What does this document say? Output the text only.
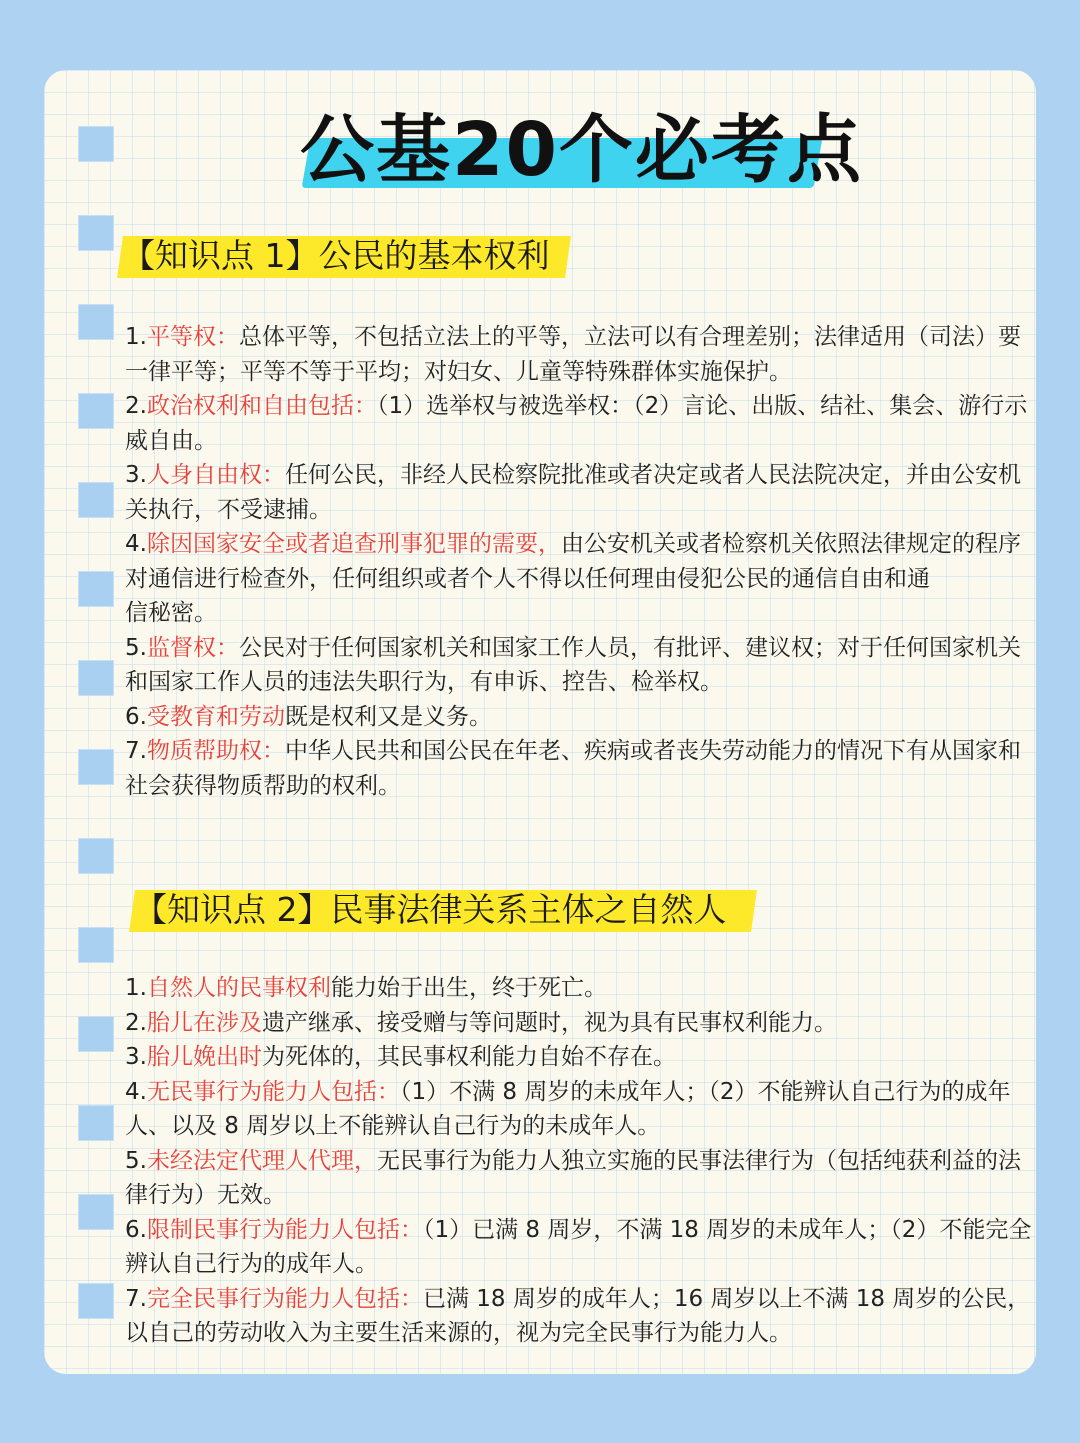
公基20个必考点
【知识点 1】公民的基本权利

1.平等权：总体平等，不包括立法上的平等，立法可以有合理差别；法律适用（司法）要一律平等；平等不等于平均；对妇女、儿童等特殊群体实施保护。

2.政治权利和自由包括：（1）选举权与被选举权：（2）言论、出版、结社、集会、游行示威自由。

3.人身自由权：任何公民，非经人民检察院批准或者决定或者人民法院决定，并由公安机关执行，不受逮捕。

4.除因国家安全或者追查刑事犯罪的需要，由公安机关或者检察机关依照法律规定的程序对通信进行检查外，任何组织或者个人不得以任何理由侵犯公民的通信自由和通

信秘密。

5.监督权：公民对于任何国家机关和国家工作人员，有批评、建议权；对于任何国家机关和国家工作人员的违法失职行为，有申诉、控告、检举权。

6.受教育和劳动既是权利又是义务。

7.物质帮助权：中华人民共和国公民在年老、疾病或者丧失劳动能力的情况下有从国家和社会获得物质帮助的权利。

【知识点 2】民事法律关系主体之自然人

1.自然人的民事权利能力始于出生，终于死亡。

2.胎儿在涉及遗产继承、接受赠与等问题时，视为具有民事权利能力。

3.胎儿娩出时为死体的，其民事权利能力自始不存在。

4.无民事行为能力人包括：（1）不满 8 周岁的未成年人；（2）不能辨认自己行为的成年人、以及 8 周岁以上不能辨认自己行为的未成年人。

5.未经法定代理人代理，无民事行为能力人独立实施的民事法律行为（包括纯获利益的法律行为）无效。

6.限制民事行为能力人包括：（1）已满 8 周岁，不满 18 周岁的未成年人；（2）不能完全辨认自己行为的成年人。

7.完全民事行为能力人包括：已满 18 周岁的成年人；16 周岁以上不满 18 周岁的公民，以自己的劳动收入为主要生活来源的，视为完全民事行为能力人。
